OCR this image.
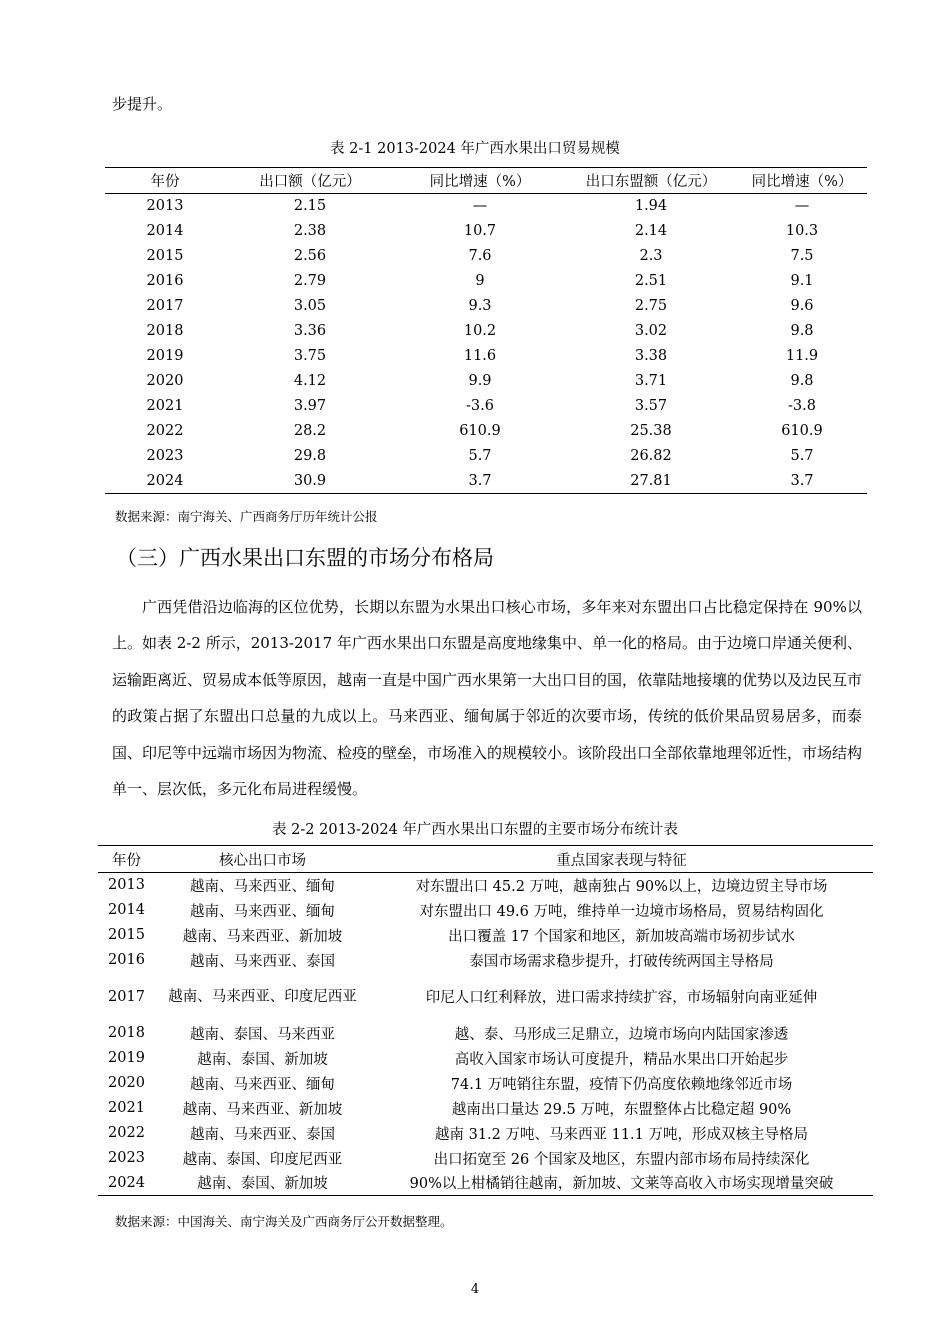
步提升。
表 2-1 2013-2024 年广西水果出口贸易规模
年份	出口额（亿元）	同比增速（%）	出口东盟额（亿元）	同比增速（%）
2013	2.15	—	1.94	—
2014	2.38	10.7	2.14	10.3
2015	2.56	7.6	2.3	7.5
2016	2.79	9	2.51	9.1
2017	3.05	9.3	2.75	9.6
2018	3.36	10.2	3.02	9.8
2019	3.75	11.6	3.38	11.9
2020	4.12	9.9	3.71	9.8
2021	3.97	-3.6	3.57	-3.8
2022	28.2	610.9	25.38	610.9
2023	29.8	5.7	26.82	5.7
2024	30.9	3.7	27.81	3.7
数据来源：南宁海关、广西商务厅历年统计公报
（三）广西水果出口东盟的市场分布格局

广西凭借沿边临海的区位优势，长期以东盟为水果出口核心市场，多年来对东盟出口占比稳定保持在 90%以上。如表 2-2 所示，2013-2017 年广西水果出口东盟是高度地缘集中、单一化的格局。由于边境口岸通关便利、运输距离近、贸易成本低等原因，越南一直是中国广西水果第一大出口目的国，依靠陆地接壤的优势以及边民互市的政策占据了东盟出口总量的九成以上。马来西亚、缅甸属于邻近的次要市场，传统的低价果品贸易居多，而泰国、印尼等中远端市场因为物流、检疫的壁垒，市场准入的规模较小。该阶段出口全部依靠地理邻近性，市场结构单一、层次低，多元化布局进程缓慢。

表 2-2 2013-2024 年广西水果出口东盟的主要市场分布统计表
年份	核心出口市场	重点国家表现与特征
2013	越南、马来西亚、缅甸	对东盟出口 45.2 万吨，越南独占 90%以上，边境边贸主导市场
2014	越南、马来西亚、缅甸	对东盟出口 49.6 万吨，维持单一边境市场格局，贸易结构固化
2015	越南、马来西亚、新加坡	出口覆盖 17 个国家和地区，新加坡高端市场初步试水
2016	越南、马来西亚、泰国	泰国市场需求稳步提升，打破传统两国主导格局
2017	越南、马来西亚、印度尼西亚	印尼人口红利释放，进口需求持续扩容，市场辐射向南亚延伸
2018	越南、泰国、马来西亚	越、泰、马形成三足鼎立，边境市场向内陆国家渗透
2019	越南、泰国、新加坡	高收入国家市场认可度提升，精品水果出口开始起步
2020	越南、马来西亚、缅甸	74.1 万吨销往东盟，疫情下仍高度依赖地缘邻近市场
2021	越南、马来西亚、新加坡	越南出口量达 29.5 万吨，东盟整体占比稳定超 90%
2022	越南、马来西亚、泰国	越南 31.2 万吨、马来西亚 11.1 万吨，形成双核主导格局
2023	越南、泰国、印度尼西亚	出口拓宽至 26 个国家及地区，东盟内部市场布局持续深化
2024	越南、泰国、新加坡	90%以上柑橘销往越南，新加坡、文莱等高收入市场实现增量突破
数据来源：中国海关、南宁海关及广西商务厅公开数据整理。
4
